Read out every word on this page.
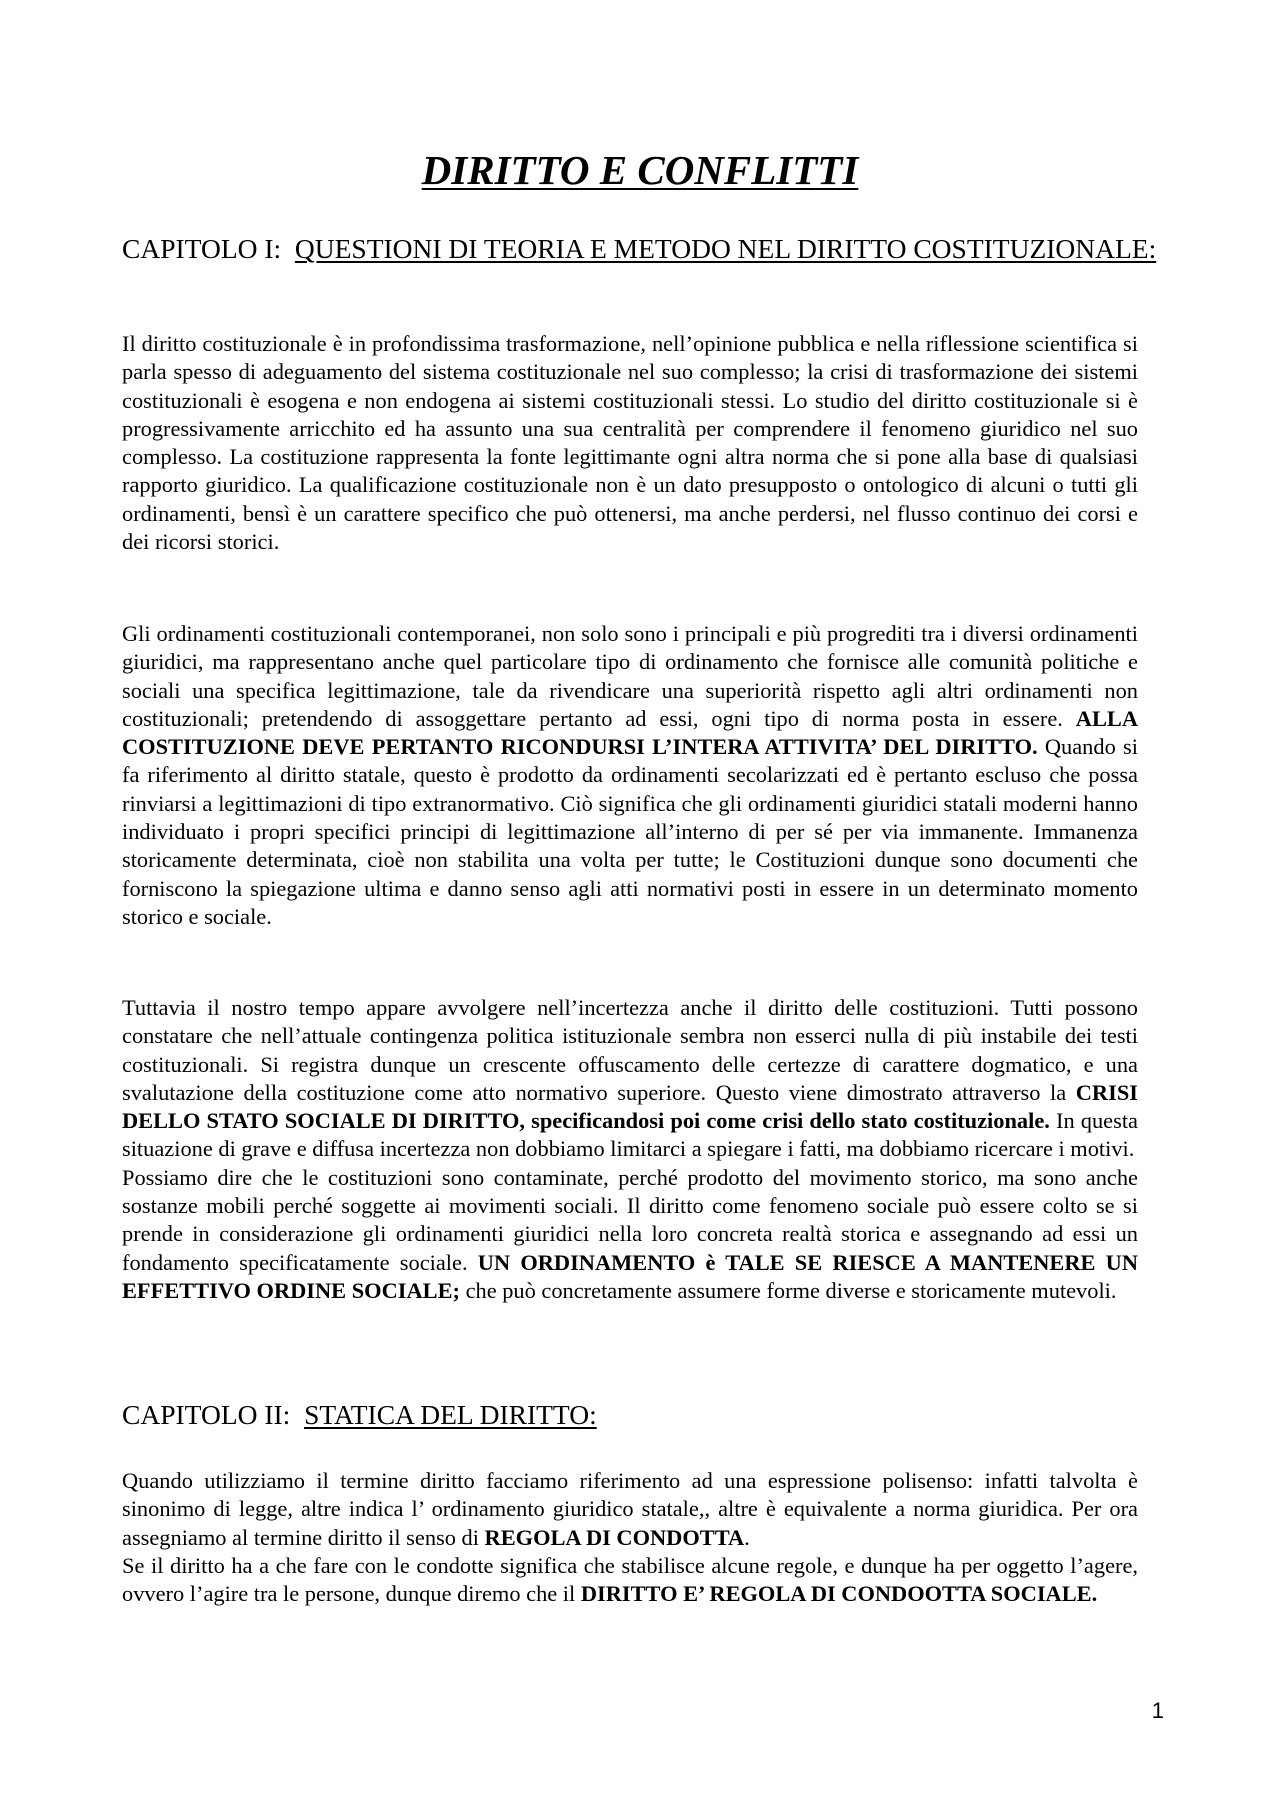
DIRITTO E CONFLITTI
CAPITOLO I: QUESTIONI DI TEORIA E METODO NEL DIRITTO COSTITUZIONALE:

Il diritto costituzionale è in profondissima trasformazione, nell’opinione pubblica e nella riflessione scientifica si parla spesso di adeguamento del sistema costituzionale nel suo complesso; la crisi di trasformazione dei sistemi costituzionali è esogena e non endogena ai sistemi costituzionali stessi. Lo studio del diritto costituzionale si è progressivamente arricchito ed ha assunto una sua centralità per comprendere il fenomeno giuridico nel suo complesso. La costituzione rappresenta la fonte legittimante ogni altra norma che si pone alla base di qualsiasi rapporto giuridico. La qualificazione costituzionale non è un dato presupposto o ontologico di alcuni o tutti gli ordinamenti, bensì è un carattere specifico che può ottenersi, ma anche perdersi, nel flusso continuo dei corsi e dei ricorsi storici.

Gli ordinamenti costituzionali contemporanei, non solo sono i principali e più progrediti tra i diversi ordinamenti giuridici, ma rappresentano anche quel particolare tipo di ordinamento che fornisce alle comunità politiche e sociali una specifica legittimazione, tale da rivendicare una superiorità rispetto agli altri ordinamenti non costituzionali; pretendendo di assoggettare pertanto ad essi, ogni tipo di norma posta in essere. ALLA COSTITUZIONE DEVE PERTANTO RICONDURSI L’INTERA ATTIVITA’ DEL DIRITTO. Quando si fa riferimento al diritto statale, questo è prodotto da ordinamenti secolarizzati ed è pertanto escluso che possa rinviarsi a legittimazioni di tipo extranormativo. Ciò significa che gli ordinamenti giuridici statali moderni hanno individuato i propri specifici principi di legittimazione all’interno di per sé per via immanente. Immanenza storicamente determinata, cioè non stabilita una volta per tutte; le Costituzioni dunque sono documenti che forniscono la spiegazione ultima e danno senso agli atti normativi posti in essere in un determinato momento storico e sociale.

Tuttavia il nostro tempo appare avvolgere nell’incertezza anche il diritto delle costituzioni. Tutti possono constatare che nell’attuale contingenza politica istituzionale sembra non esserci nulla di più instabile dei testi costituzionali. Si registra dunque un crescente offuscamento delle certezze di carattere dogmatico, e una svalutazione della costituzione come atto normativo superiore. Questo viene dimostrato attraverso la CRISI DELLO STATO SOCIALE DI DIRITTO, specificandosi poi come crisi dello stato costituzionale. In questa situazione di grave e diffusa incertezza non dobbiamo limitarci a spiegare i fatti, ma dobbiamo ricercare i motivi.
Possiamo dire che le costituzioni sono contaminate, perché prodotto del movimento storico, ma sono anche sostanze mobili perché soggette ai movimenti sociali. Il diritto come fenomeno sociale può essere colto se si prende in considerazione gli ordinamenti giuridici nella loro concreta realtà storica e assegnando ad essi un fondamento specificatamente sociale. UN ORDINAMENTO è TALE SE RIESCE A MANTENERE UN EFFETTIVO ORDINE SOCIALE; che può concretamente assumere forme diverse e storicamente mutevoli.

CAPITOLO II: STATICA DEL DIRITTO:

Quando utilizziamo il termine diritto facciamo riferimento ad una espressione polisenso: infatti talvolta è sinonimo di legge, altre indica l’ ordinamento giuridico statale,, altre è equivalente a norma giuridica. Per ora assegniamo al termine diritto il senso di REGOLA DI CONDOTTA.
Se il diritto ha a che fare con le condotte significa che stabilisce alcune regole, e dunque ha per oggetto l’agere, ovvero l’agire tra le persone, dunque diremo che il DIRITTO E’ REGOLA DI CONDOOTTA SOCIALE.

1
